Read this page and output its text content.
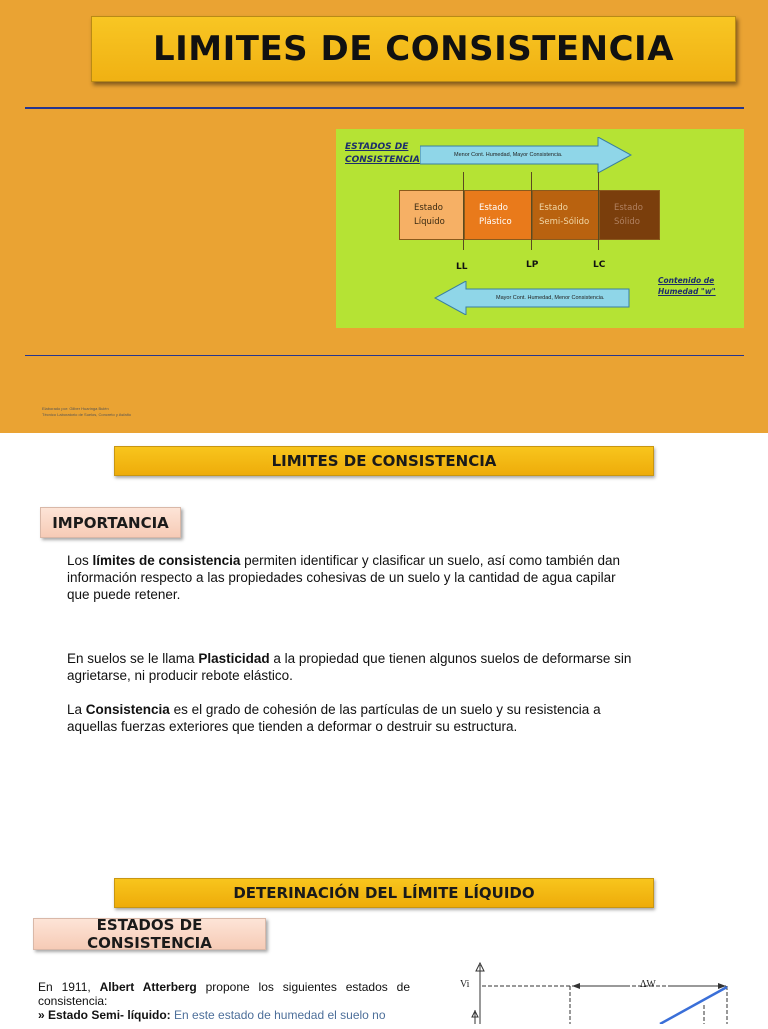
LIMITES DE CONSISTENCIA
ESTADOS DE
CONSISTENCIA	Menor Cont. Humedad, Mayor Consistencia.
Estado
Líquido
Estado
Plástico
Estado
Semi-Sólido
Estado
Sólido
LL	LP	LC
Contenido de
Humedad "w"
Mayor Cont. Humedad, Menor Consistencia.
Elaborado por: Gilber Huaringa Bulén
Técnico Laboratorio de Suelos, Concreto y Asfalto
LIMITES DE CONSISTENCIA
IMPORTANCIA
Los límites de consistencia permiten identificar y clasificar un suelo, así como también dan información respecto a las propiedades cohesivas de un suelo y la cantidad de agua capilar que puede retener.
En suelos se le llama Plasticidad a la propiedad que tienen algunos suelos de deformarse sin agrietarse, ni producir rebote elástico.
La Consistencia es el grado de cohesión de las partículas de un suelo y su resistencia a aquellas fuerzas exteriores que tienden a deformar o destruir su estructura.
DETERINACIÓN DEL LÍMITE LÍQUIDO
ESTADOS DE CONSISTENCIA
En 1911, Albert Atterberg propone los siguientes estados de consistencia:
» Estado Semi- líquido: En este estado de humedad el suelo no
Vi	ΔW
